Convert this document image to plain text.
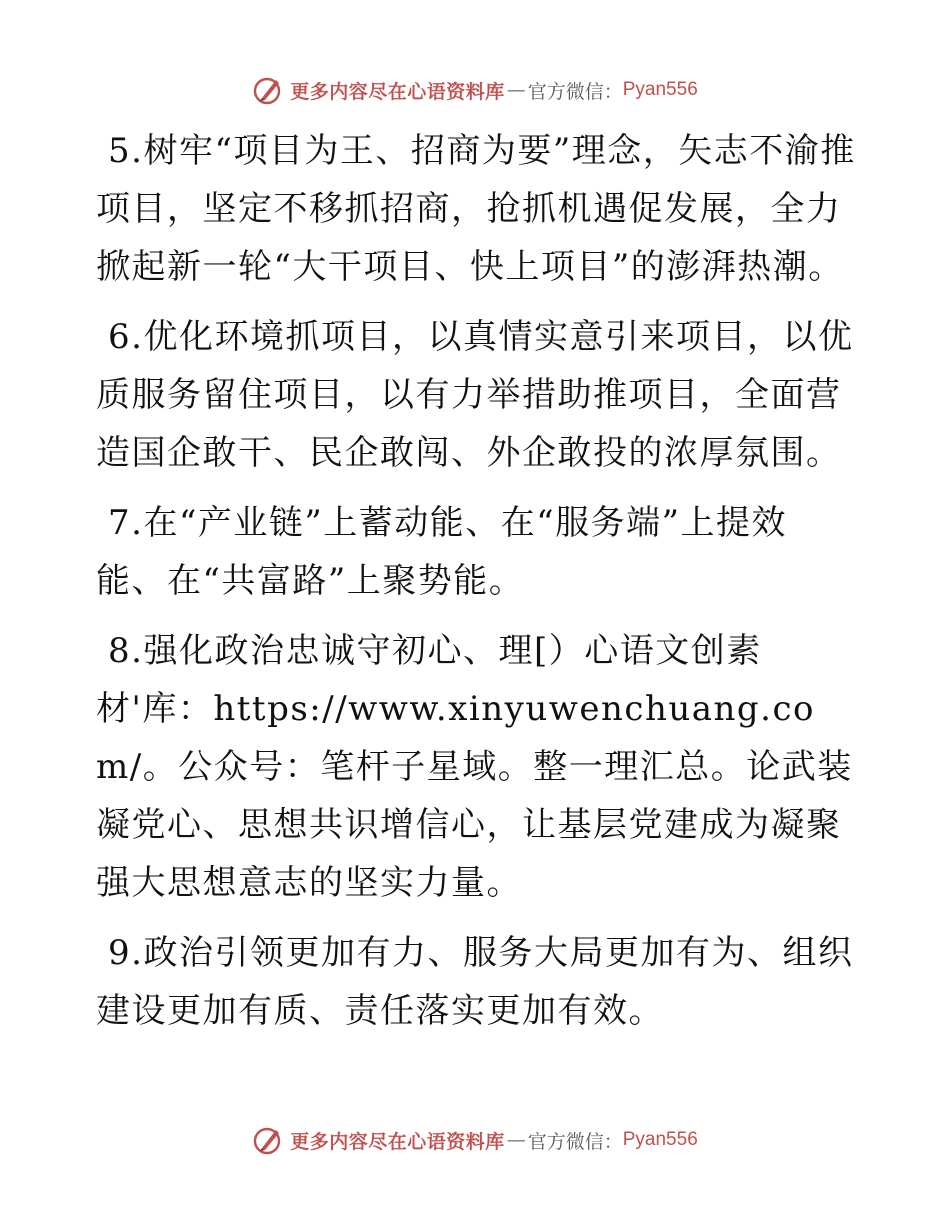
更多内容尽在心语资料库 — 官方微信： Pyan556

5.树牢“项目为王、招商为要”理念，矢志不渝推项目，坚定不移抓招商，抢抓机遇促发展，全力掀起新一轮“大干项目、快上项目”的澎湃热潮。

6.优化环境抓项目，以真情实意引来项目，以优质服务留住项目，以有力举措助推项目，全面营造国企敢干、民企敢闯、外企敢投的浓厚氛围。

7.在“产业链”上蓄动能、在“服务端”上提效能、在“共富路”上聚势能。

8.强化政治忠诚守初心、理[）心语文创素材'库：https://www.xinyuwenchuang.com/。公众号：笔杆子星域。整一理汇总。论武装凝党心、思想共识增信心，让基层党建成为凝聚强大思想意志的坚实力量。

9.政治引领更加有力、服务大局更加有为、组织建设更加有质、责任落实更加有效。

更多内容尽在心语资料库 — 官方微信： Pyan556
